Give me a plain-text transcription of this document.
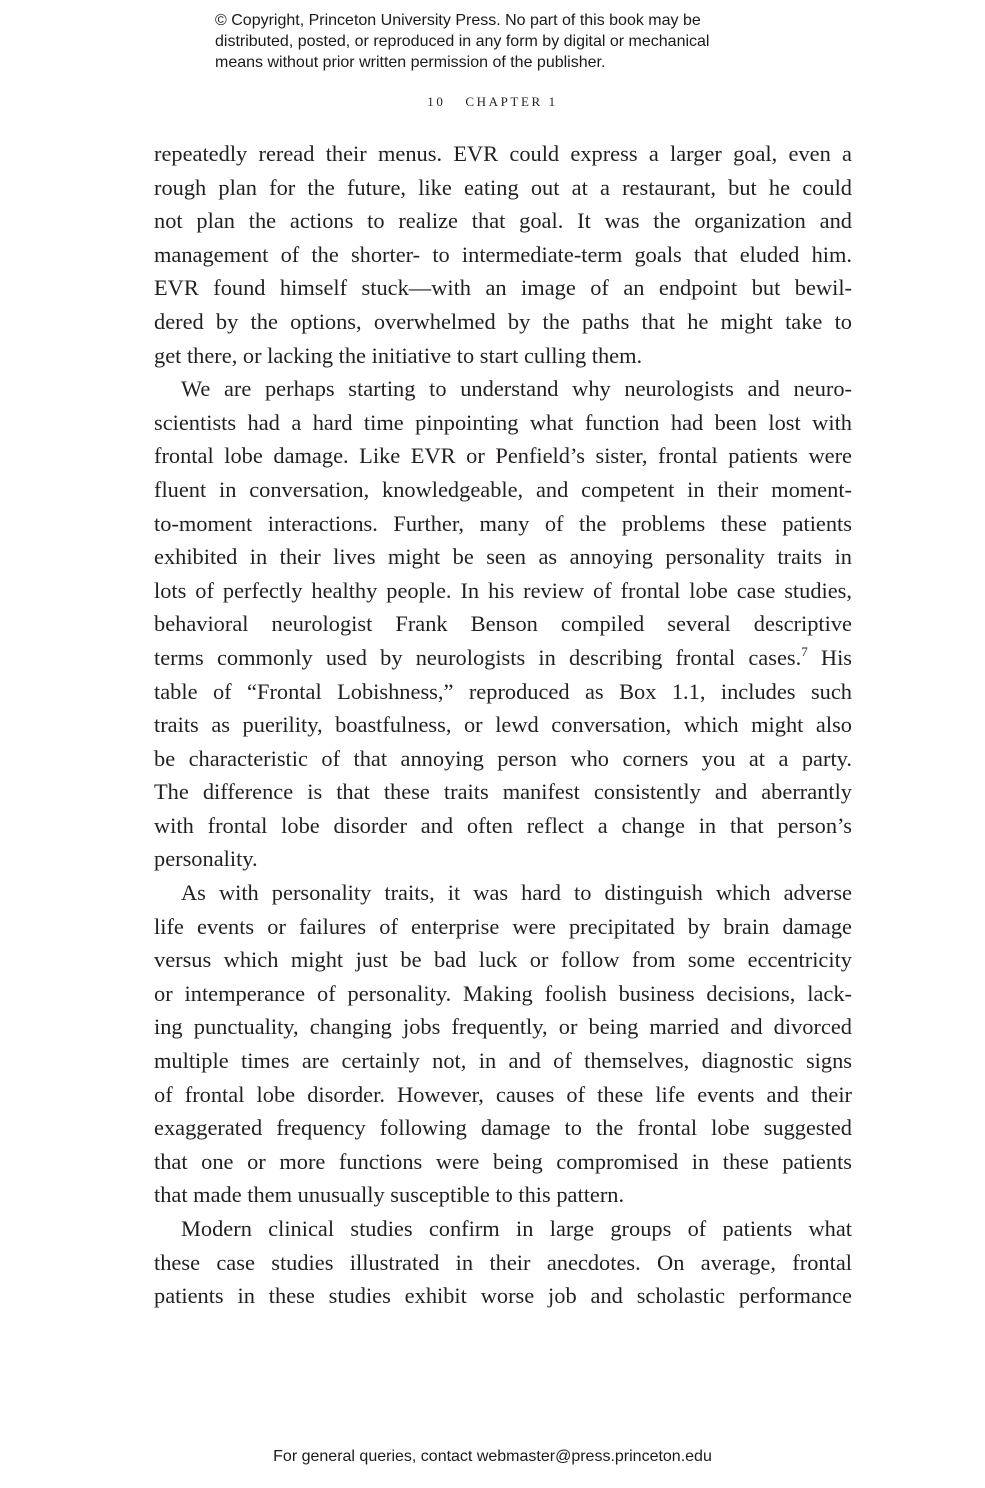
© Copyright, Princeton University Press. No part of this book may be
distributed, posted, or reproduced in any form by digital or mechanical
means without prior written permission of the publisher.
10 CHAPTER 1
repeatedly reread their menus. EVR could express a larger goal, even a
rough plan for the future, like eating out at a restaurant, but he could
not plan the actions to realize that goal. It was the organization and
management of the shorter- to intermediate-term goals that eluded him.
EVR found himself stuck—with an image of an endpoint but bewil-
dered by the options, overwhelmed by the paths that he might take to
get there, or lacking the initiative to start culling them.
We are perhaps starting to understand why neurologists and neuro-
scientists had a hard time pinpointing what function had been lost with
frontal lobe damage. Like EVR or Penfield’s sister, frontal patients were
fluent in conversation, knowledgeable, and competent in their moment-
to-moment interactions. Further, many of the problems these patients
exhibited in their lives might be seen as annoying personality traits in
lots of perfectly healthy people. In his review of frontal lobe case studies,
behavioral neurologist Frank Benson compiled several descriptive
terms commonly used by neurologists in describing frontal cases.$^7$ His
table of “Frontal Lobishness,” reproduced as Box 1.1, includes such
traits as puerility, boastfulness, or lewd conversation, which might also
be characteristic of that annoying person who corners you at a party.
The difference is that these traits manifest consistently and aberrantly
with frontal lobe disorder and often reflect a change in that person’s
personality.
As with personality traits, it was hard to distinguish which adverse
life events or failures of enterprise were precipitated by brain damage
versus which might just be bad luck or follow from some eccentricity
or intemperance of personality. Making foolish business decisions, lack-
ing punctuality, changing jobs frequently, or being married and divorced
multiple times are certainly not, in and of themselves, diagnostic signs
of frontal lobe disorder. However, causes of these life events and their
exaggerated frequency following damage to the frontal lobe suggested
that one or more functions were being compromised in these patients
that made them unusually susceptible to this pattern.
Modern clinical studies confirm in large groups of patients what
these case studies illustrated in their anecdotes. On average, frontal
patients in these studies exhibit worse job and scholastic performance
For general queries, contact webmaster@press.princeton.edu
